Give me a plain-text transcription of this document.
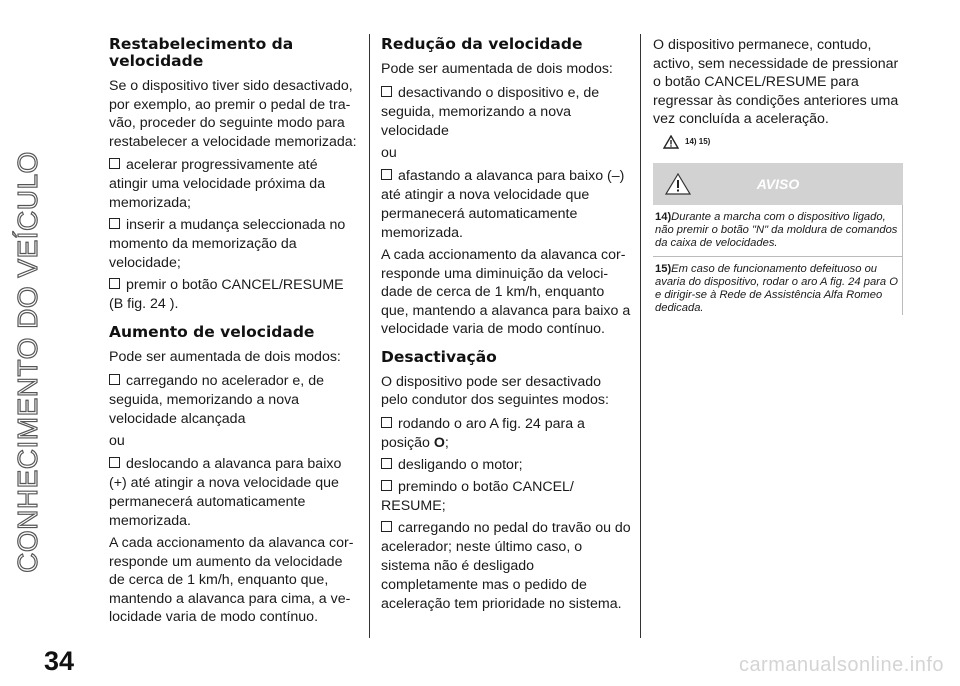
CONHECIMENTO DO VEÍCULO
Restabelecimento da velocidade

Se o dispositivo tiver sido desactivado, por exemplo, ao premir o pedal de tra-vão, proceder do seguinte modo para restabelecer a velocidade memorizada:

acelerar progressivamente até atingir uma velocidade próxima da memorizada;
inserir a mudança seleccionada no momento da memorização da velocidade;
premir o botão CANCEL/RESUME (B fig. 24 ).
Aumento de velocidade

Pode ser aumentada de dois modos:

carregando no acelerador e, de seguida, memorizando a nova velocidade alcançada

ou

deslocando a alavanca para baixo (+) até atingir a nova velocidade que permanecerá automaticamente memorizada.

A cada accionamento da alavanca cor-responde um aumento da velocidade de cerca de 1 km/h, enquanto que, mantendo a alavanca para cima, a ve-locidade varia de modo contínuo.

Redução da velocidade

Pode ser aumentada de dois modos:

desactivando o dispositivo e, de seguida, memorizando a nova velocidade

ou

afastando a alavanca para baixo (–) até atingir a nova velocidade que permanecerá automaticamente memorizada.

A cada accionamento da alavanca cor-responde uma diminuição da veloci-dade de cerca de 1 km/h, enquanto que, mantendo a alavanca para baixo a velocidade varia de modo contínuo.

Desactivação

O dispositivo pode ser desactivado pelo condutor dos seguintes modos:

rodando o aro A fig. 24 para a posição O;
desligando o motor;
premindo o botão CANCEL/ RESUME;
carregando no pedal do travão ou do acelerador; neste último caso, o sistema não é desligado completamente mas o pedido de aceleração tem prioridade no sistema.

O dispositivo permanece, contudo, activo, sem necessidade de pressionar o botão CANCEL/RESUME para regressar às condições anteriores uma vez concluída a aceleração.

14) 15)
AVISO
14)Durante a marcha com o dispositivo ligado, não premir o botão "N" da moldura de comandos da caixa de velocidades.
15)Em caso de funcionamento defeituoso ou avaria do dispositivo, rodar o aro A fig. 24 para O e dirigir-se à Rede de Assistência Alfa Romeo dedicada.
34	carmanualsonline.info
